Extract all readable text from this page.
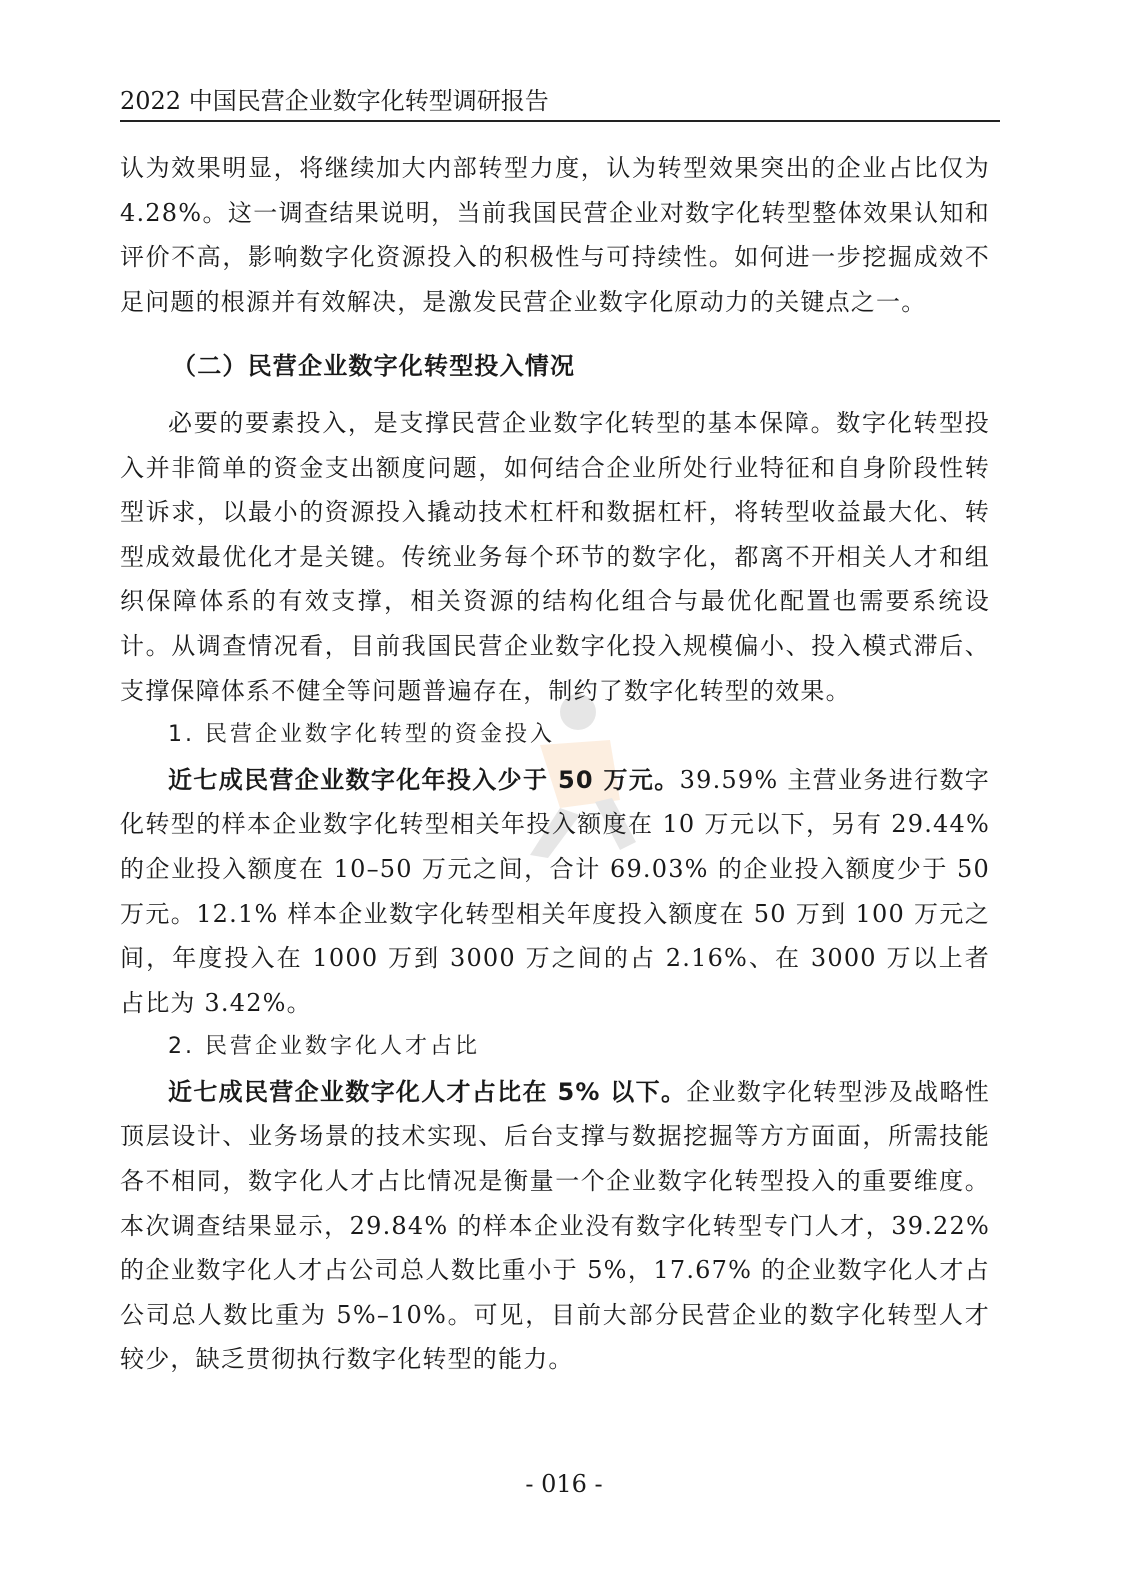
2022 中国民营企业数字化转型调研报告

认为效果明显，将继续加大内部转型力度，认为转型效果突出的企业占比仅为 4.28%。这一调查结果说明，当前我国民营企业对数字化转型整体效果认知和评价不高，影响数字化资源投入的积极性与可持续性。如何进一步挖掘成效不足问题的根源并有效解决，是激发民营企业数字化原动力的关键点之一。

（二）民营企业数字化转型投入情况

必要的要素投入，是支撑民营企业数字化转型的基本保障。数字化转型投入并非简单的资金支出额度问题，如何结合企业所处行业特征和自身阶段性转型诉求，以最小的资源投入撬动技术杠杆和数据杠杆，将转型收益最大化、转型成效最优化才是关键。传统业务每个环节的数字化，都离不开相关人才和组织保障体系的有效支撑，相关资源的结构化组合与最优化配置也需要系统设计。从调查情况看，目前我国民营企业数字化投入规模偏小、投入模式滞后、支撑保障体系不健全等问题普遍存在，制约了数字化转型的效果。

1. 民营企业数字化转型的资金投入

近七成民营企业数字化年投入少于 50 万元。39.59% 主营业务进行数字化转型的样本企业数字化转型相关年投入额度在 10 万元以下，另有 29.44% 的企业投入额度在 10–50 万元之间，合计 69.03% 的企业投入额度少于 50 万元。12.1% 样本企业数字化转型相关年度投入额度在 50 万到 100 万元之间，年度投入在 1000 万到 3000 万之间的占 2.16%、在 3000 万以上者占比为 3.42%。

2. 民营企业数字化人才占比

近七成民营企业数字化人才占比在 5% 以下。企业数字化转型涉及战略性顶层设计、业务场景的技术实现、后台支撑与数据挖掘等方方面面，所需技能各不相同，数字化人才占比情况是衡量一个企业数字化转型投入的重要维度。本次调查结果显示，29.84% 的样本企业没有数字化转型专门人才，39.22% 的企业数字化人才占公司总人数比重小于 5%，17.67% 的企业数字化人才占公司总人数比重为 5%–10%。可见，目前大部分民营企业的数字化转型人才较少，缺乏贯彻执行数字化转型的能力。

- 016 -
